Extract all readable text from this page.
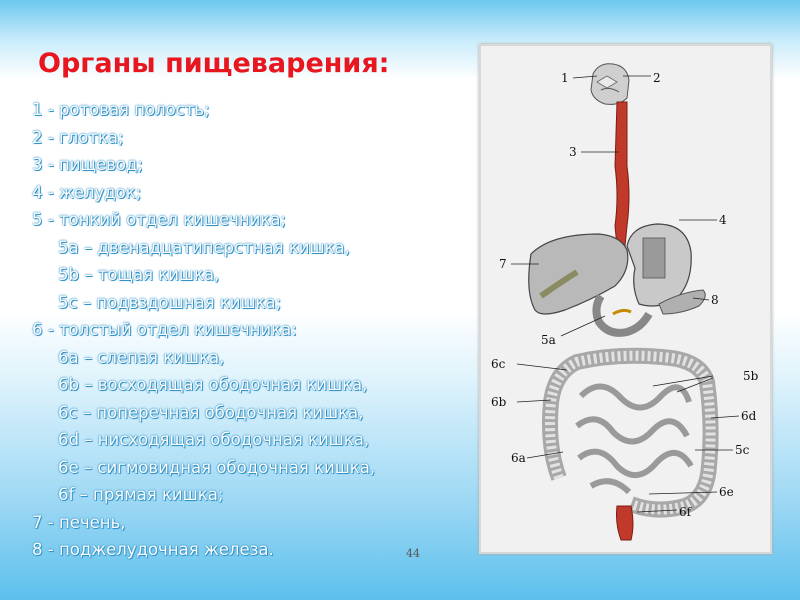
Органы пищеварения:
1 - ротовая полость;
2 - глотка;
3 - пищевод;
4 - желудок;
5 - тонкий отдел кишечника;
5a – двенадцатиперстная кишка,
5b – тощая кишка,
5c – подвздошная кишка;
6 - толстый отдел кишечника:
6a – слепая кишка,
6b – восходящая ободочная кишка,
6c – поперечная ободочная кишка,
6d – нисходящая ободочная кишка,
6e – сигмовидная ободочная кишка,
6f – прямая кишка;
7 - печень,
8 - поджелудочная железа.
1	2
3
4
7
8
5a
5b
6c
6b
6d
5c
6a
6e
6f
44
